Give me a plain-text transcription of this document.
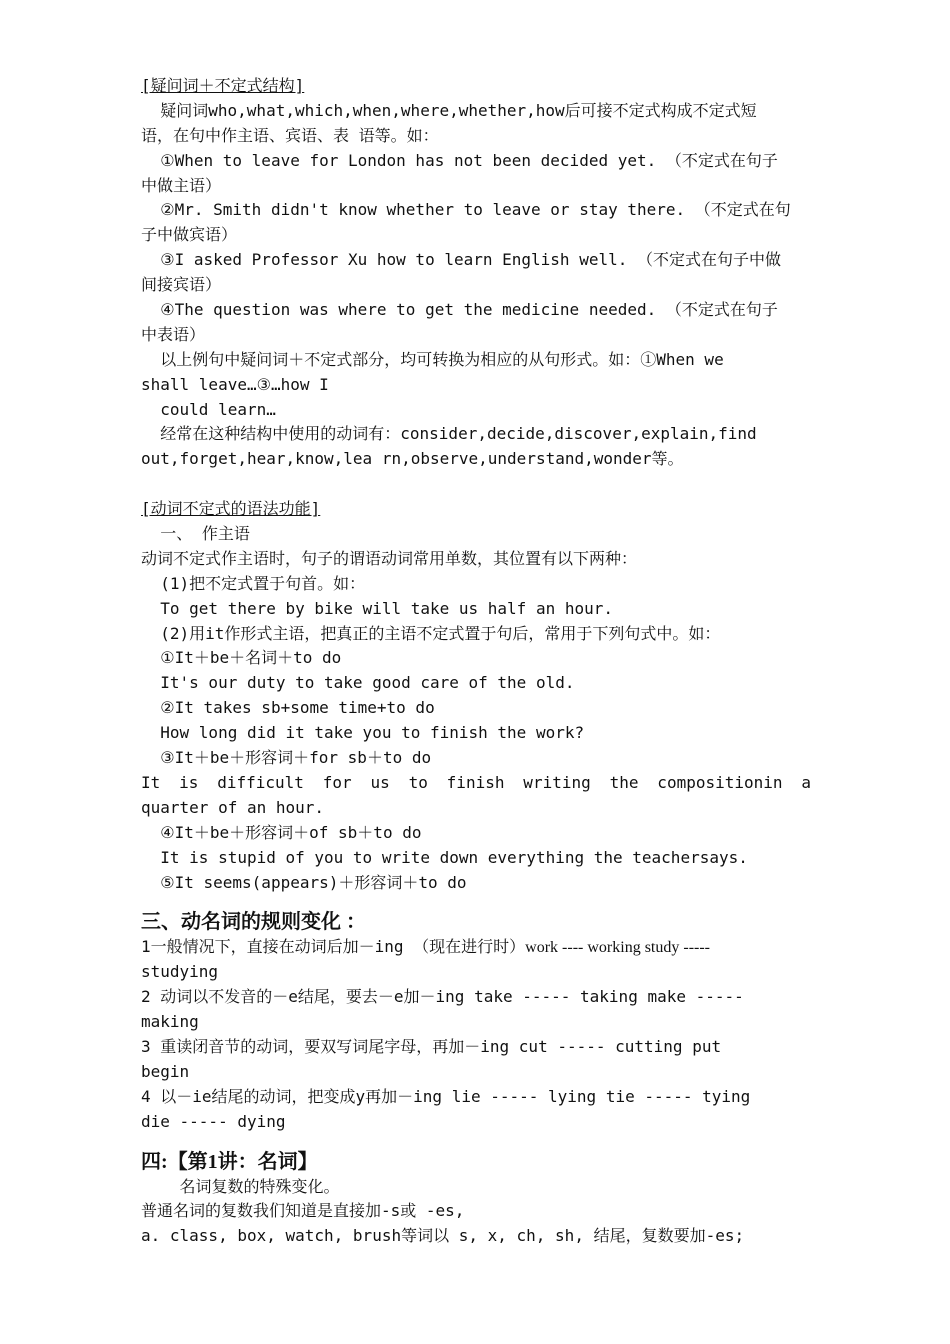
[疑问词＋不定式结构]
疑问词who,what,which,when,where,whether,how后可接不定式构成不定式短
语，在句中作主语、宾语、表 语等。如：
①When to leave for London has not been decided yet. （不定式在句子
中做主语）
②Mr. Smith didn't know whether to leave or stay there. （不定式在句
子中做宾语）
③I asked Professor Xu how to learn English well. （不定式在句子中做
间接宾语）
④The question was where to get the medicine needed. （不定式在句子
中表语）
以上例句中疑问词＋不定式部分，均可转换为相应的从句形式。如：①When we
shall leave…③…how I
could learn…
经常在这种结构中使用的动词有：consider,decide,discover,explain,find
out,forget,hear,know,lea rn,observe,understand,wonder等。
[动词不定式的语法功能]
一、 作主语
动词不定式作主语时，句子的谓语动词常用单数，其位置有以下两种：
(1)把不定式置于句首。如：
To get there by bike will take us half an hour.
(2)用it作形式主语，把真正的主语不定式置于句后，常用于下列句式中。如：
①It＋be＋名词＋to do
It's our duty to take good care of the old.
②It takes sb+some time+to do
How long did it take you to finish the work?
③It＋be＋形容词＋for sb＋to do
It is difficult for us to finish writing the compositionin a
quarter of an hour.
④It＋be＋形容词＋of sb＋to do
It is stupid of you to write down everything the teachersays.
⑤It seems(appears)＋形容词＋to do
三、动名词的规则变化 ：
1一般情况下，直接在动词后加－ing （现在进行时）work ---- working study -----
studying
2 动词以不发音的－e结尾，要去－e加－ing take ----- taking make -----
making
3 重读闭音节的动词，要双写词尾字母，再加－ing cut ----- cutting put
begin
4 以－ie结尾的动词，把变成y再加－ing lie ----- lying tie ----- tying
die ----- dying
四:【第1讲：名词】
名词复数的特殊变化。
普通名词的复数我们知道是直接加-s或 -es,
a. class, box, watch, brush等词以 s, x, ch, sh, 结尾，复数要加-es;
